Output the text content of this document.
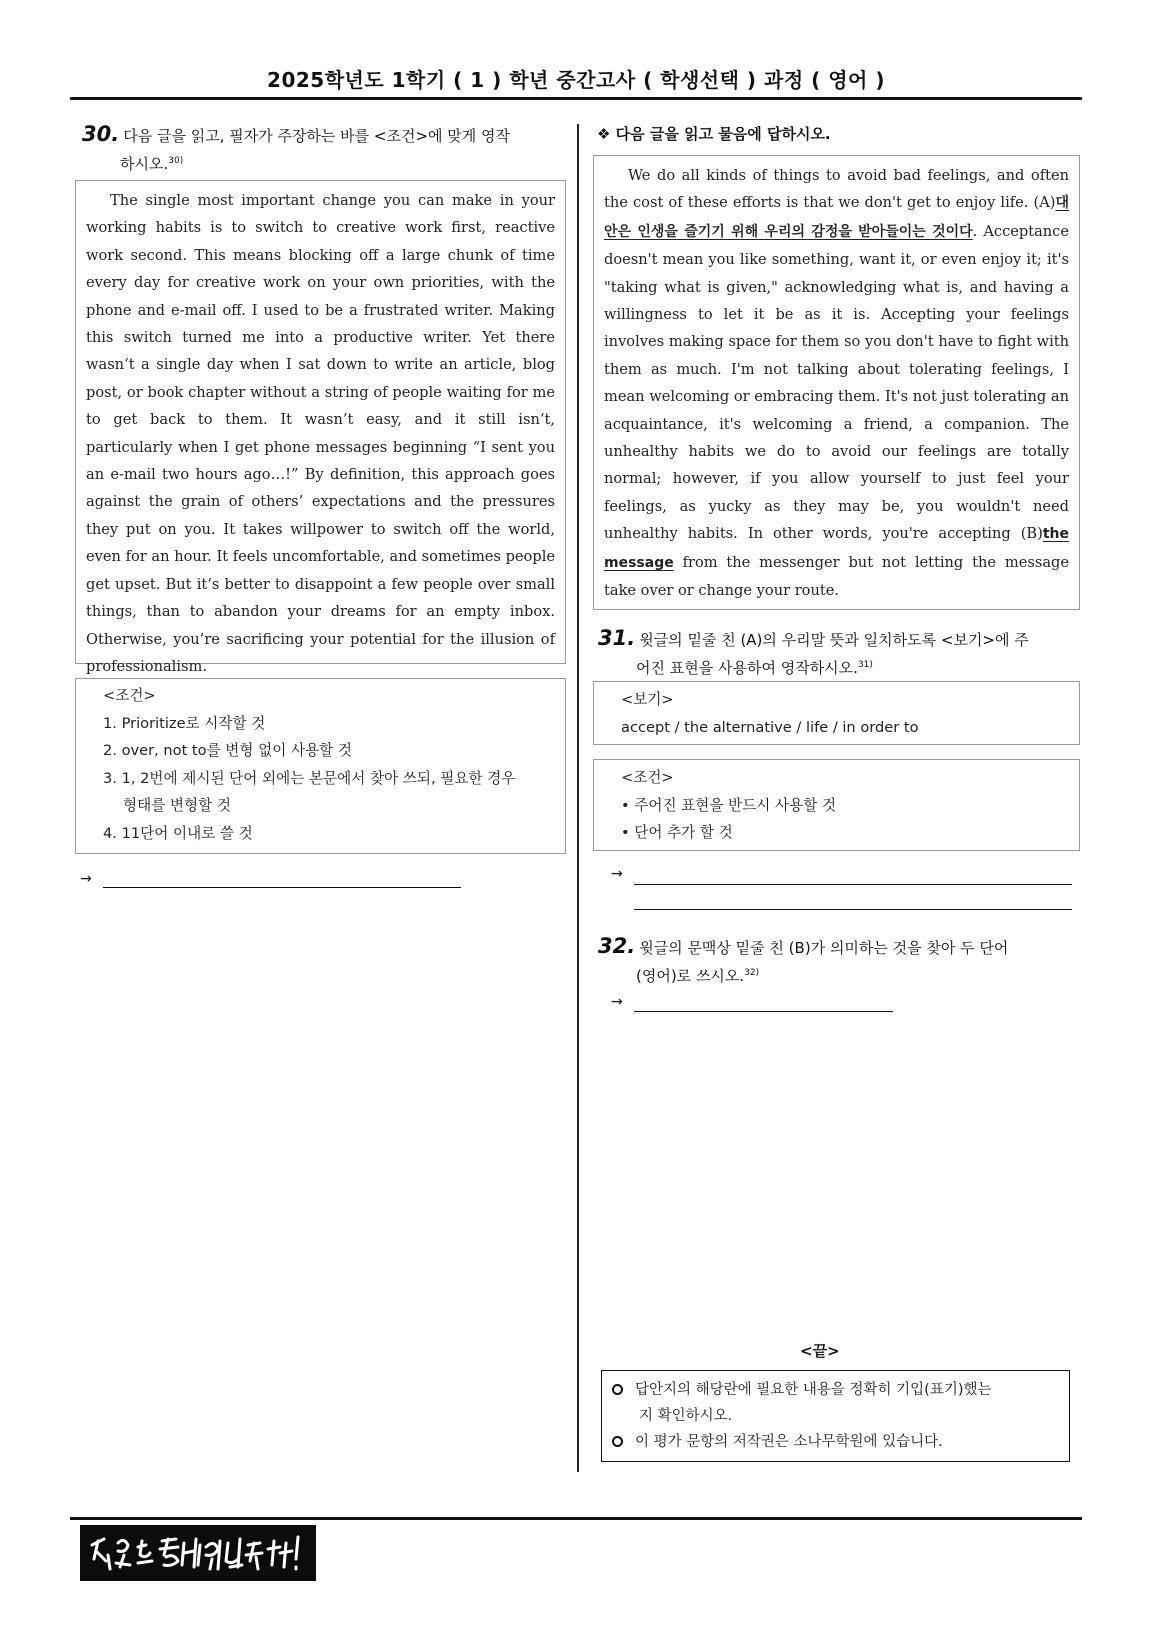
2025학년도 1학기 ( 1 ) 학년 중간고사 ( 학생선택 ) 과정 ( 영어 )
30. 다음 글을 읽고, 필자가 주장하는 바를 <조건>에 맞게 영작
하시오.$^{30)}$

The single most important change you can make in your working habits is to switch to creative work first, reactive work second. This means blocking off a large chunk of time every day for creative work on your own priorities, with the phone and e-mail off. I used to be a frustrated writer. Making this switch turned me into a productive writer. Yet there wasn‘t a single day when I sat down to write an article, blog post, or book chapter without a string of people waiting for me to get back to them. It wasn’t easy, and it still isn‘t, particularly when I get phone messages beginning “I sent you an e-mail two hours ago…!” By definition, this approach goes against the grain of others’ expectations and the pressures they put on you. It takes willpower to switch off the world, even for an hour. It feels uncomfortable, and sometimes people get upset. But it‘s better to disappoint a few people over small things, than to abandon your dreams for an empty inbox. Otherwise, you’re sacrificing your potential for the illusion of professionalism.

<조건>
1. Prioritize로 시작할 것
2. over, not to를 변형 없이 사용할 것
3. 1, 2번에 제시된 단어 외에는 본문에서 찾아 쓰되, 필요한 경우
형태를 변형할 것
4. 11단어 이내로 쓸 것
→
❖ 다음 글을 읽고 물음에 답하시오.

We do all kinds of things to avoid bad feelings, and often the cost of these efforts is that we don't get to enjoy life. (A)대안은 인생을 즐기기 위해 우리의 감정을 받아들이는 것이다. Acceptance doesn't mean you like something, want it, or even enjoy it; it's "taking what is given," acknowledging what is, and having a willingness to let it be as it is. Accepting your feelings involves making space for them so you don't have to fight with them as much. I'm not talking about tolerating feelings, I mean welcoming or embracing them. It's not just tolerating an acquaintance, it's welcoming a friend, a companion. The unhealthy habits we do to avoid our feelings are totally normal; however, if you allow yourself to just feel your feelings, as yucky as they may be, you wouldn't need unhealthy habits. In other words, you're accepting (B)the message from the messenger but not letting the message take over or change your route.

31. 윗글의 밑줄 친 (A)의 우리말 뜻과 일치하도록 <보기>에 주
어진 표현을 사용하여 영작하시오.$^{31)}$
<보기>
accept / the alternative / life / in order to
<조건>
• 주어진 표현을 반드시 사용할 것
• 단어 추가 할 것
→
32. 윗글의 문맥상 밑줄 친 (B)가 의미하는 것을 찾아 두 단어
(영어)로 쓰시오.$^{32)}$
→
<끝>
답안지의 해당란에 필요한 내용을 정확히 기입(표기)했는
지 확인하시오.
이 평가 문항의 저작권은 소나무학원에 있습니다.
